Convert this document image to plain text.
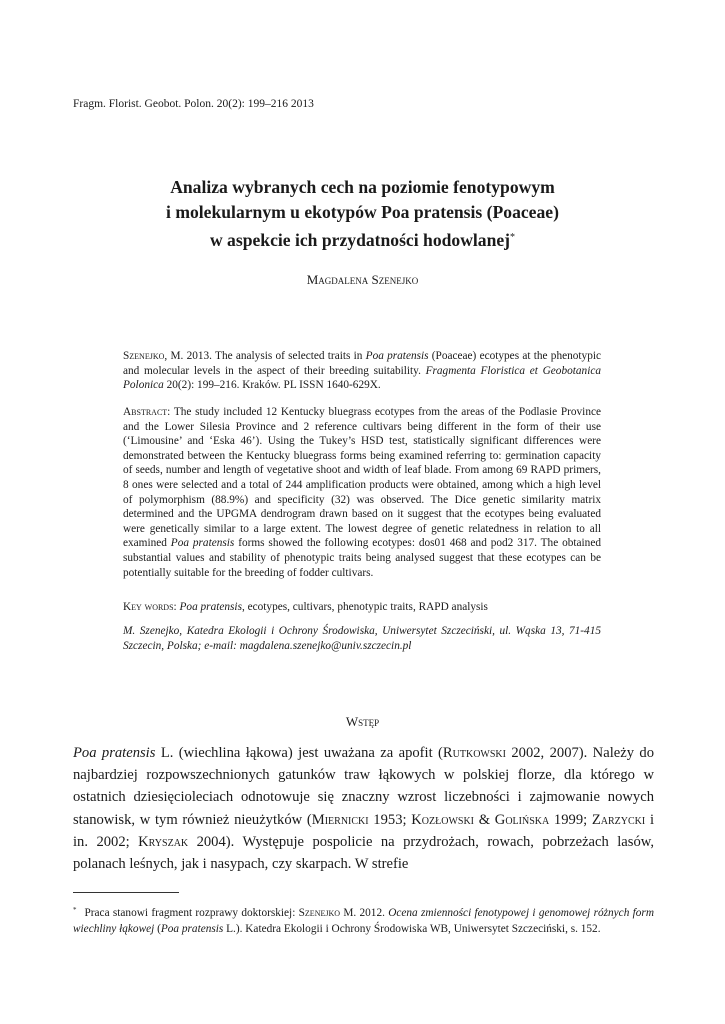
Fragm. Florist. Geobot. Polon. 20(2): 199–216 2013
Analiza wybranych cech na poziomie fenotypowym
i molekularnym u ekotypów Poa pratensis (Poaceae)
w aspekcie ich przydatności hodowlanej*
Magdalena Szenejko

Szenejko, M. 2013. The analysis of selected traits in Poa pratensis (Poaceae) ecotypes at the phenotypic and molecular levels in the aspect of their breeding suitability. Fragmenta Floristica et Geobotanica Polonica 20(2): 199–216. Kraków. PL ISSN 1640-629X.

Abstract: The study included 12 Kentucky bluegrass ecotypes from the areas of the Podlasie Province and the Lower Silesia Province and 2 reference cultivars being different in the form of their use (‘Limousine’ and ‘Eska 46’). Using the Tukey’s HSD test, statistically significant differences were demonstrated between the Kentucky bluegrass forms being examined referring to: germination capacity of seeds, number and length of vegetative shoot and width of leaf blade. From among 69 RAPD primers, 8 ones were selected and a total of 244 amplification products were obtained, among which a high level of polymorphism (88.9%) and specificity (32) was observed. The Dice genetic similarity matrix determined and the UPGMA dendrogram drawn based on it suggest that the ecotypes being evaluated were genetically similar to a large extent. The lowest degree of genetic relatedness in relation to all examined Poa pratensis forms showed the following ecotypes: dos01 468 and pod2 317. The obtained substantial values and stability of phenotypic traits being analysed suggest that these ecotypes can be potentially suitable for the breeding of fodder cultivars.

Key words: Poa pratensis, ecotypes, cultivars, phenotypic traits, RAPD analysis

M. Szenejko, Katedra Ekologii i Ochrony Środowiska, Uniwersytet Szczeciński, ul. Wąska 13, 71-415 Szczecin, Polska; e-mail: magdalena.szenejko@univ.szczecin.pl

Wstęp

Poa pratensis L. (wiechlina łąkowa) jest uważana za apofit (Rutkowski 2002, 2007). Należy do najbardziej rozpowszechnionych gatunków traw łąkowych w polskiej florze, dla którego w ostatnich dziesięcioleciach odnotowuje się znaczny wzrost liczebności i zajmowanie nowych stanowisk, w tym również nieużytków (Miernicki 1953; Kozłowski & Golińska 1999; Zarzycki i in. 2002; Kryszak 2004). Występuje pospolicie na przydrożach, rowach, pobrzeżach lasów, polanach leśnych, jak i nasypach, czy skarpach. W strefie

* Praca stanowi fragment rozprawy doktorskiej: Szenejko M. 2012. Ocena zmienności fenotypowej i genomowej różnych form wiechliny łąkowej (Poa pratensis L.). Katedra Ekologii i Ochrony Środowiska WB, Uniwersytet Szczeciński, s. 152.
